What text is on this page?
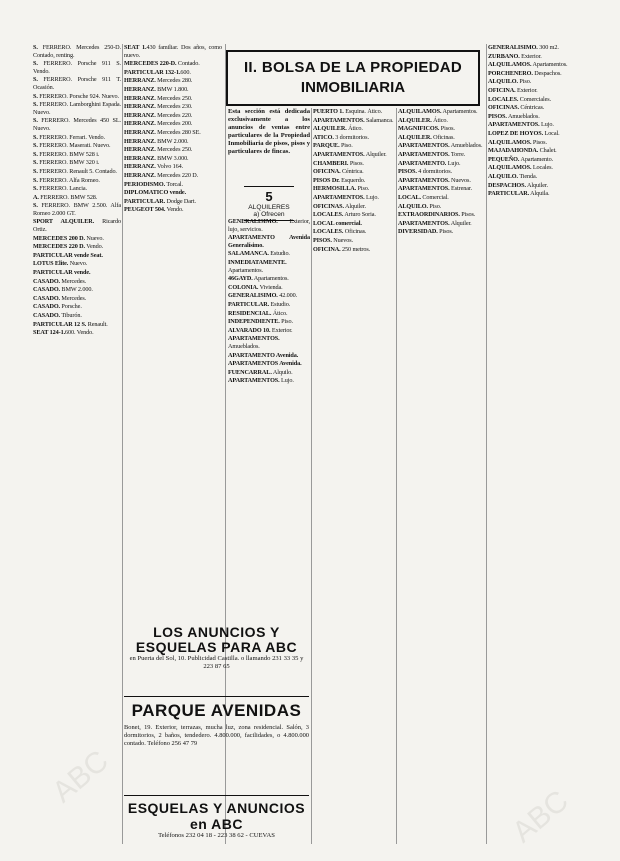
ABC
ABC

S. FERRERO. Mercedes 250-D. Contado, renting.

S. FERRERO. Porsche 911 S. Vendo.

S. FERRERO. Porsche 911 T. Ocasión.

S. FERRERO. Porsche 924. Nuevo.

S. FERRERO. Lamborghini Espada. Nuevo.

S. FERRERO. Mercedes 450 SL. Nuevo.

S. FERRERO. Ferrari. Vendo.

S. FERRERO. Maserati. Nuevo.

S. FERRERO. BMW 528 i.

S. FERRERO. BMW 320 i.

S. FERRERO. Renault 5. Contado.

S. FERRERO. Alfa Romeo.

S. FERRERO. Lancia.

A. FERRERO. BMW 528.

S. FERRERO. BMW 2.500. Alfa Romeo 2.000 GT.

SPORT ALQUILER. Ricardo Ortiz.

MERCEDES 200 D. Nuevo.

MERCEDES 220 D. Vendo.

PARTICULAR vende Seat.

LOTUS Elite. Nuevo.

PARTICULAR vende.

CASADO. Mercedes.

CASADO. BMW 2.000.

CASADO. Mercedes.

CASADO. Porsche.

CASADO. Tiburón.

PARTICULAR 12 S. Renault.

SEAT 124-1.600. Vendo.

SEAT 1.430 familiar. Dos años, como nuevo.

MERCEDES 220-D. Contado.

PARTICULAR 132-1.600.

HERRANZ. Mercedes 280.

HERRANZ. BMW 1.800.

HERRANZ. Mercedes 250.

HERRANZ. Mercedes 230.

HERRANZ. Mercedes 220.

HERRANZ. Mercedes 200.

HERRANZ. Mercedes 280 SE.

HERRANZ. BMW 2.000.

HERRANZ. Mercedes 250.

HERRANZ. BMW 3.000.

HERRANZ. Volvo 164.

HERRANZ. Mercedes 220 D.

PERIODISMO. Torcal.

DIPLOMATICO vende.

PARTICULAR. Dodge Dart.

PEUGEOT 504. Vendo.

II. BOLSA DE LA PROPIEDAD
INMOBILIARIA
Esta sección está dedicada exclusivamente a los anuncios de ventas entre particulares de la Propiedad Inmobiliaria de pisos, pisos y particulares de fincas.
5
ALQUILERES
a) Ofrecen

GENERALISIMO. Exterior, lujo, servicios.

APARTAMENTO Avenida Generalísimo.

SALAMANCA. Estudio.

INMEDIATAMENTE. Apartamentos.

46GAYD. Apartamentos.

COLONIA. Vivienda.

GENERALISIMO. 42.000.

PARTICULAR. Estudio.

RESIDENCIAL. Ático.

INDEPENDIENTE. Piso.

ALVARADO 10. Exterior.

APARTAMENTOS. Amueblados.

APARTAMENTO Avenida.

APARTAMENTOS Avenida.

FUENCARRAL. Alquilo.

APARTAMENTOS. Lujo.

PUERTO 1. Esquina. Ático.

APARTAMENTOS. Salamanca.

ALQUILER. Ático.

ATICO. 3 dormitorios.

PARQUE. Piso.

APARTAMENTOS. Alquiler.

CHAMBERI. Pisos.

OFICINA. Céntrica.

PISOS Dr. Esquerdo.

HERMOSILLA. Piso.

APARTAMENTOS. Lujo.

OFICINAS. Alquiler.

LOCALES. Arturo Soria.

LOCAL comercial.

LOCALES. Oficinas.

PISOS. Nuevos.

OFICINA. 250 metros.

ALQUILAMOS. Apartamentos.

ALQUILER. Ático.

MAGNIFICOS. Pisos.

ALQUILER. Oficinas.

APARTAMENTOS. Amueblados.

APARTAMENTOS. Torre.

APARTAMENTO. Lujo.

PISOS. 4 dormitorios.

APARTAMENTOS. Nuevos.

APARTAMENTOS. Estrenar.

LOCAL. Comercial.

ALQUILO. Piso.

EXTRAORDINARIOS. Pisos.

APARTAMENTOS. Alquiler.

DIVERSIDAD. Pisos.

GENERALISIMO. 300 m2.

ZURBANO. Exterior.

ALQUILAMOS. Apartamentos.

PORCHENERO. Despachos.

ALQUILO. Piso.

OFICINA. Exterior.

LOCALES. Comerciales.

OFICINAS. Céntricas.

PISOS. Amueblados.

APARTAMENTOS. Lujo.

LOPEZ DE HOYOS. Local.

ALQUILAMOS. Pisos.

MAJADAHONDA. Chalet.

PEQUEÑO. Apartamento.

ALQUILAMOS. Locales.

ALQUILO. Tienda.

DESPACHOS. Alquiler.

PARTICULAR. Alquila.

LOS ANUNCIOS Y
ESQUELAS PARA ABC
en Puerta del Sol, 10. Publicidad Castilla. o llamando 231 33 35 y 223 87 65
PARQUE AVENIDAS
Bonet, 19. Exterior, terrazas, mucha luz, zona residencial. Salón, 3 dormitorios, 2 baños, tendedero. 4.800.000, facilidades, o 4.800.000 contado. Teléfono 256 47 79
ESQUELAS Y ANUNCIOS
en ABC
Teléfonos 232 04 18 - 223 38 62 - CUEVAS
